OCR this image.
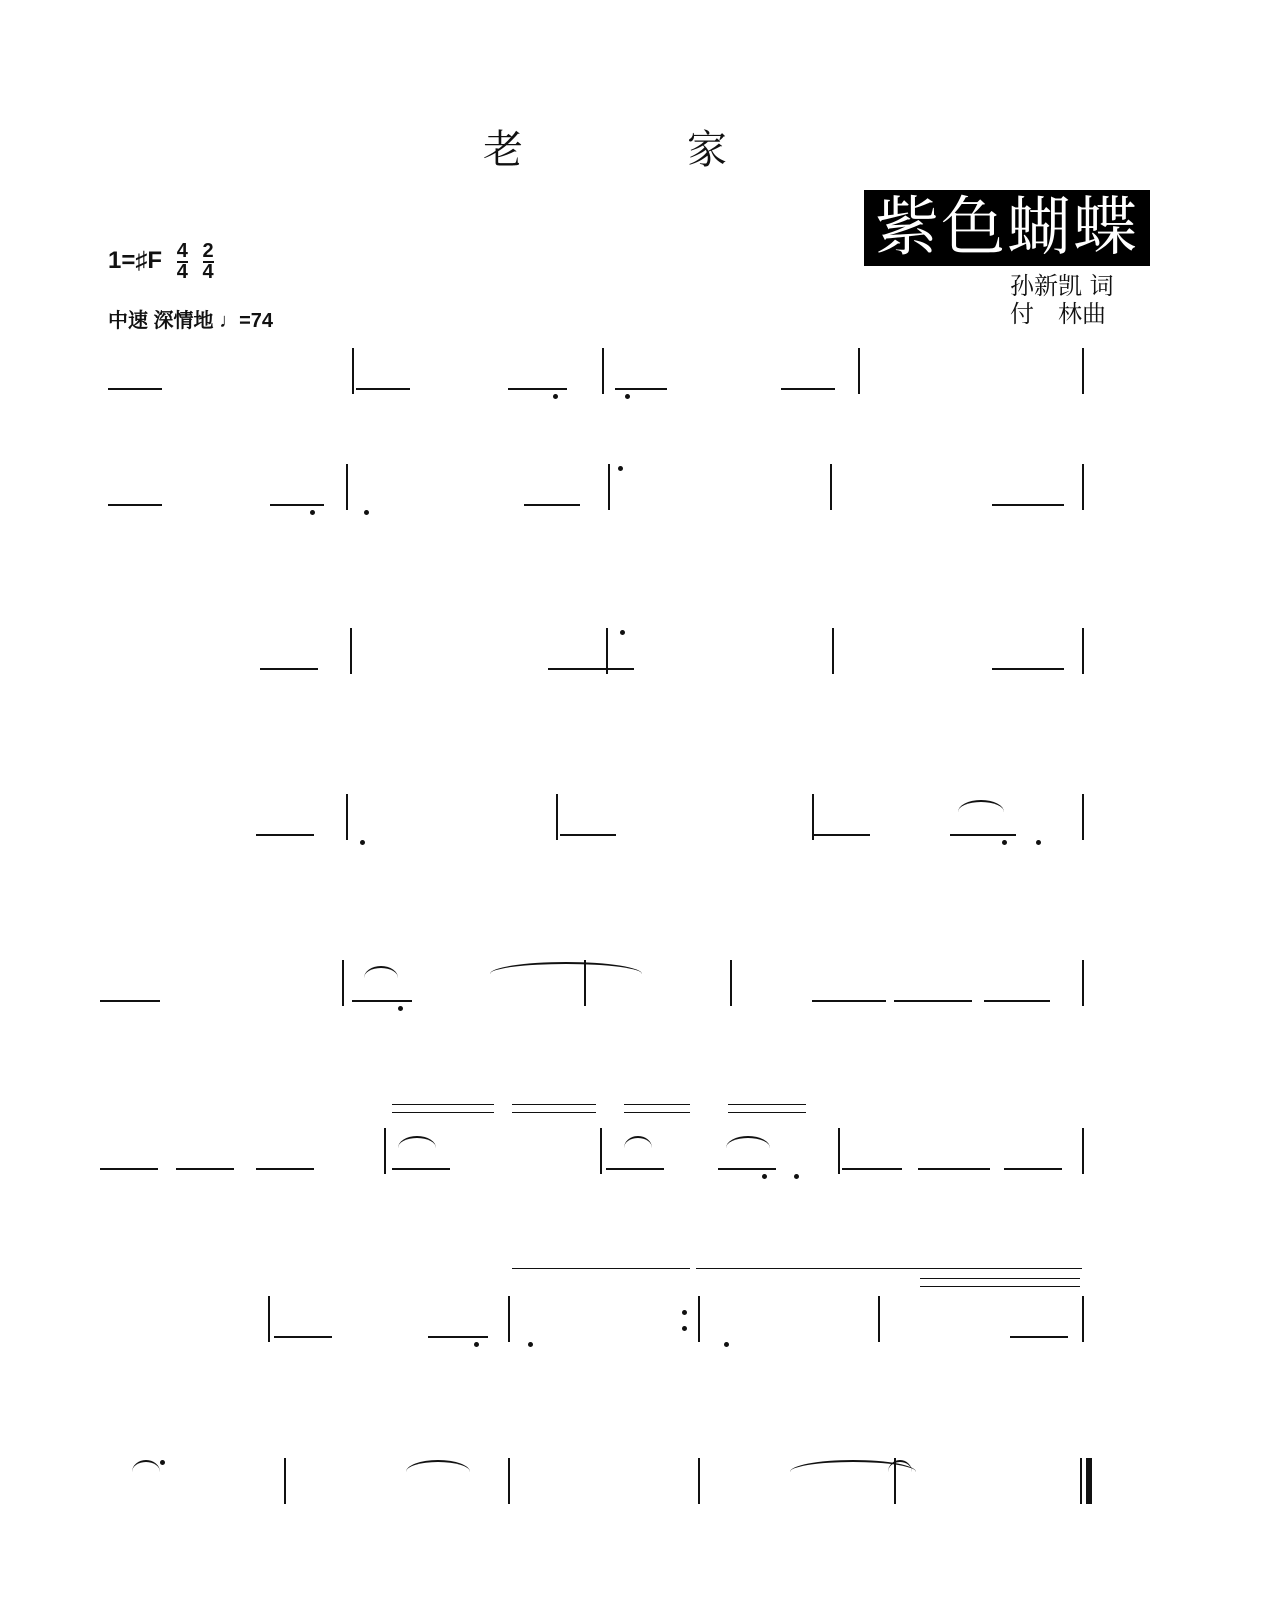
老　家
紫色蝴蝶
孙新凯 词
付　林曲
1=♯F $\frac{4}{4}$
$\frac{2}{4}$
中速 深情地 ♩=74
